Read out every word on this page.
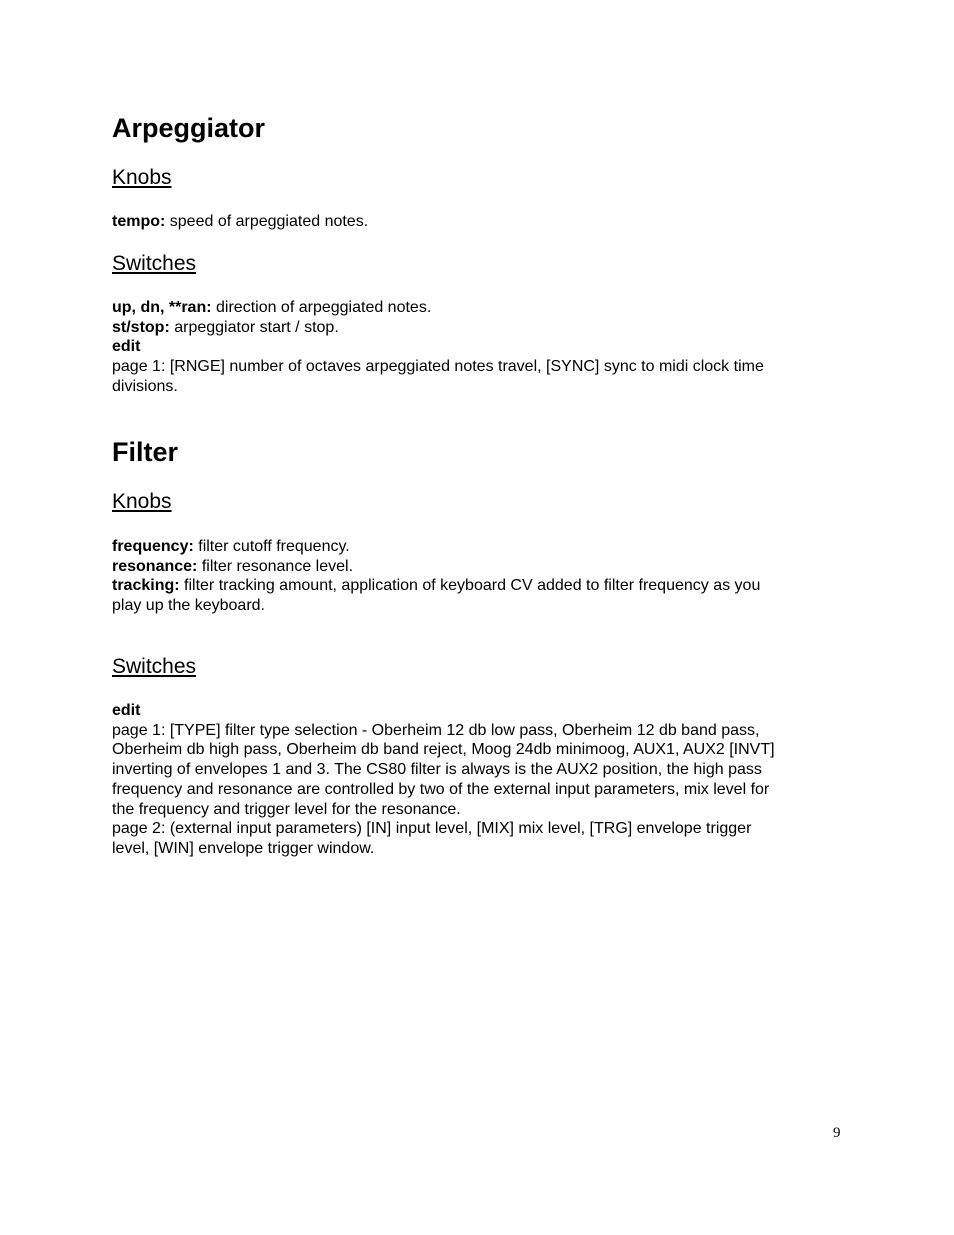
Arpeggiator
Knobs
tempo: speed of arpeggiated notes.
Switches
up, dn, **ran: direction of arpeggiated notes.
st/stop: arpeggiator start / stop.
edit
page 1: [RNGE] number of octaves arpeggiated notes travel, [SYNC] sync to midi clock time
divisions.
Filter
Knobs
frequency: filter cutoff frequency.
resonance: filter resonance level.
tracking: filter tracking amount, application of keyboard CV added to filter frequency as you
play up the keyboard.
Switches
edit
page 1: [TYPE] filter type selection - Oberheim 12 db low pass, Oberheim 12 db band pass,
Oberheim db high pass, Oberheim db band reject, Moog 24db minimoog, AUX1, AUX2 [INVT]
inverting of envelopes 1 and 3. The CS80 filter is always is the AUX2 position, the high pass
frequency and resonance are controlled by two of the external input parameters, mix level for
the frequency and trigger level for the resonance.
page 2: (external input parameters) [IN] input level, [MIX] mix level, [TRG] envelope trigger
level, [WIN] envelope trigger window.
9
